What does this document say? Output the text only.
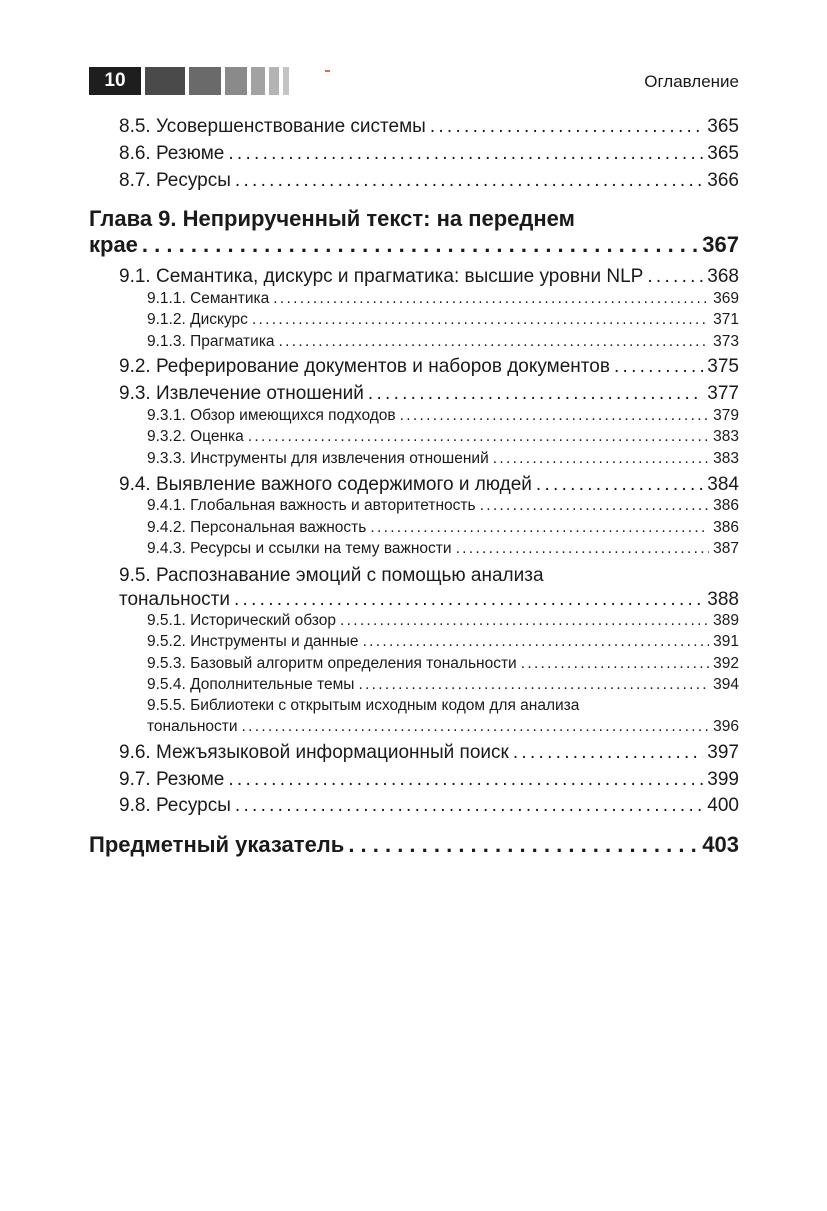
10	Оглавление
8.5. Усовершенствование системы . . .	365
8.6. Резюме . . .	365
8.7. Ресурсы . . .	366
Глава 9. Неприрученный текст: на переднем
крае . . .	367
9.1. Семантика, дискурс и прагматика: высшие уровни NLP . . .	368
9.1.1. Семантика . . .	369
9.1.2. Дискурс . . .	371
9.1.3. Прагматика . . .	373
9.2. Реферирование документов и наборов документов . . .	375
9.3. Извлечение отношений . . .	377
9.3.1. Обзор имеющихся подходов . . .	379
9.3.2. Оценка . . .	383
9.3.3. Инструменты для извлечения отношений . . .	383
9.4. Выявление важного содержимого и людей . . .	384
9.4.1. Глобальная важность и авторитетность . . .	386
9.4.2. Персональная важность . . .	386
9.4.3. Ресурсы и ссылки на тему важности . . .	387
9.5. Распознавание эмоций с помощью анализа
тональности . . .	388
9.5.1. Исторический обзор . . .	389
9.5.2. Инструменты и данные . . .	391
9.5.3. Базовый алгоритм определения тональности . . .	392
9.5.4. Дополнительные темы . . .	394
9.5.5. Библиотеки с открытым исходным кодом для анализа
тональности . . .	396
9.6. Межъязыковой информационный поиск . . .	397
9.7. Резюме . . .	399
9.8. Ресурсы . . .	400
Предметный указатель . . .	403
